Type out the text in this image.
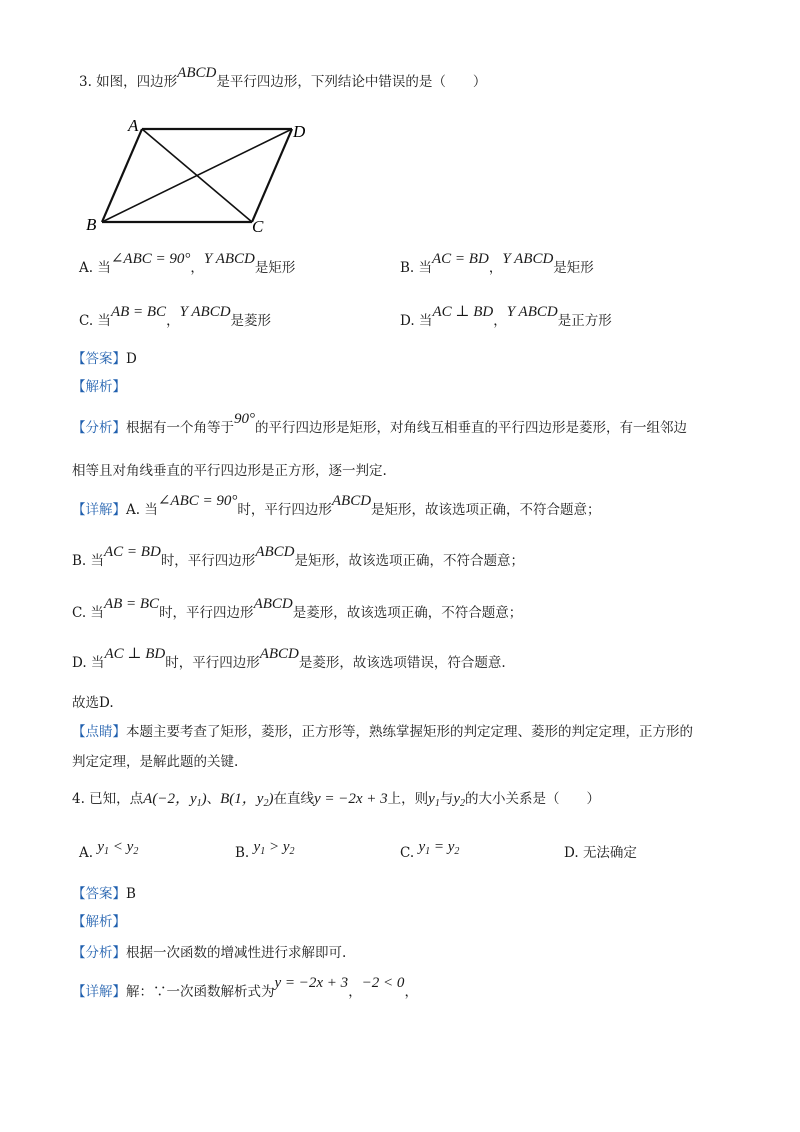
3. 如图，四边形ABCD是平行四边形，下列结论中错误的是（　　）
A
B	C
D
A. 当∠ABC = 90°，Y ABCD是矩形	B. 当AC = BD，Y ABCD是矩形
C. 当AB = BC，Y ABCD是菱形	D. 当AC ⊥ BD，Y ABCD是正方形
【答案】D
【解析】
【分析】根据有一个角等于90°的平行四边形是矩形，对角线互相垂直的平行四边形是菱形，有一组邻边
相等且对角线垂直的平行四边形是正方形，逐一判定.
【详解】A. 当∠ABC = 90°时，平行四边形ABCD是矩形，故该选项正确，不符合题意；
B. 当AC = BD时，平行四边形ABCD是矩形，故该选项正确，不符合题意；
C. 当AB = BC时，平行四边形ABCD是菱形，故该选项正确，不符合题意；
D. 当AC ⊥ BD时，平行四边形ABCD是菱形，故该选项错误，符合题意.
故选D.
【点睛】本题主要考查了矩形，菱形，正方形等，熟练掌握矩形的判定定理、菱形的判定定理，正方形的
判定定理，是解此题的关键.
4. 已知，点A(−2，$y_1$)、B(1，$y_2$)在直线y = −2x + 3上，则$y_1$与$y_2$的大小关系是（　　）
A. $y_1 < y_2$	B. $y_1 > y_2$	C. $y_1 = y_2$	D. 无法确定
【答案】B
【解析】
【分析】根据一次函数的增减性进行求解即可.
【详解】解：∵一次函数解析式为y = −2x + 3，−2 < 0，
